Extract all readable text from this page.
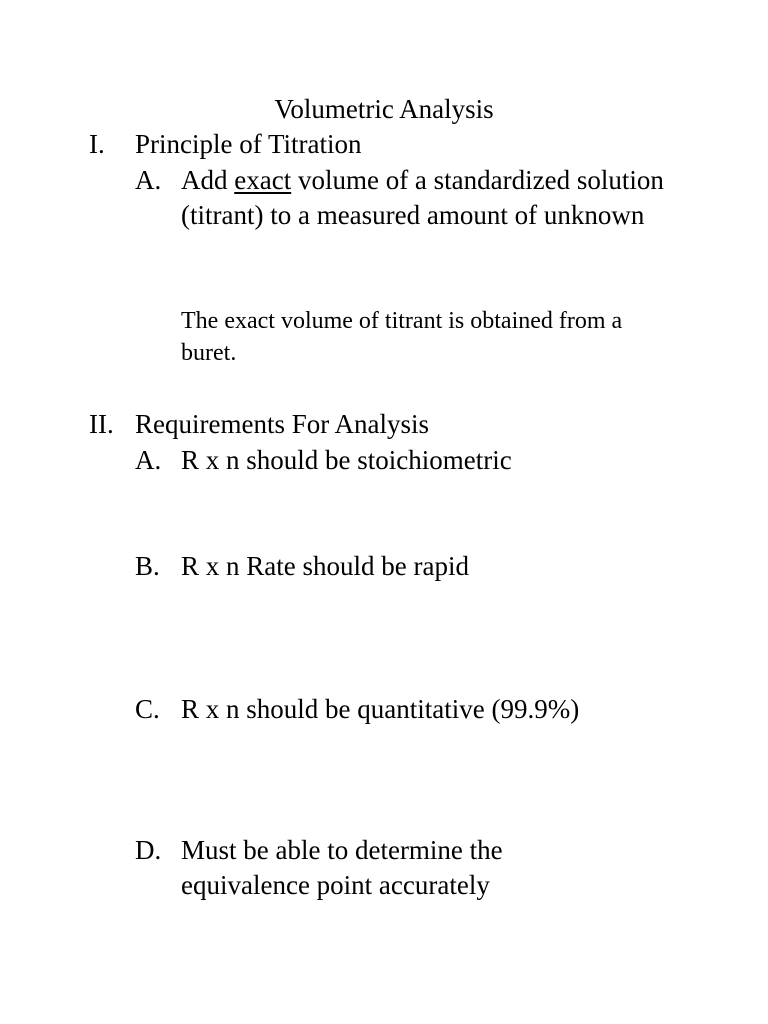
Volumetric Analysis
I. Principle of Titration
A. Add exact volume of a standardized solution (titrant) to a measured amount of unknown
The exact volume of titrant is obtained from a buret.
II. Requirements For Analysis
A. R x n should be stoichiometric
B. R x n Rate should be rapid
C. R x n should be quantitative (99.9%)
D. Must be able to determine the equivalence point accurately
